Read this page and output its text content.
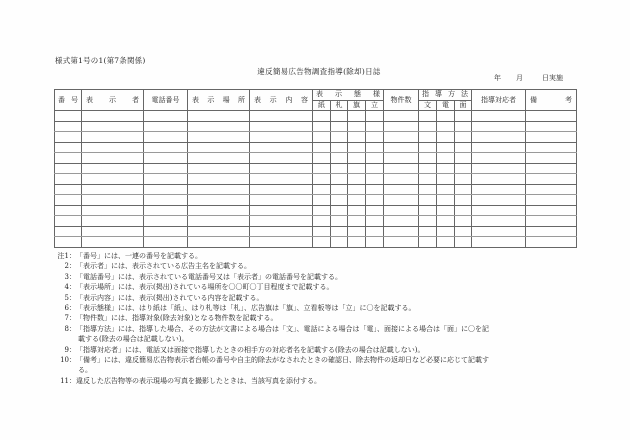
様式第1号の1(第7条関係)
違反簡易広告物調査指導(除却)日誌
年 月	日実施
番 号	表 示 者	電話番号	表 示 場 所	表 示 内 容	表 示 態 様				物件数	指 導 方 法			指導対応者	備 考

					紙	札	旗	立		文	電	面		

注1：「番号」には、一連の番号を記載する。
2：「表示者」には、表示されている広告主名を記載する。
3：「電話番号」には、表示されている電話番号又は「表示者」の電話番号を記載する。
4：「表示場所」には、表示(掲出)されている場所を〇〇町〇丁目程度まで記載する。
5：「表示内容」には、表示(掲出)されている内容を記載する。
6：「表示態様」には、はり紙は「紙」、はり札等は「札」、広告旗は「旗」、立看板等は「立」に〇を記載する。
7：「物件数」には、指導対象(除去対象)となる物件数を記載する。
8：「指導方法」には、指導した場合、その方法が文書による場合は「文」、電話による場合は「電」、面接による場合は「面」に〇を記
載する(除去の場合は記載しない)。
9：「指導対応者」には、電話又は面接で指導したときの相手方の対応者名を記載する(除去の場合は記載しない)。
10：「備考」には、違反簡易広告物表示者台帳の番号や自主的除去がなされたときの確認日、除去物件の返却日など必要に応じて記載す
る。
11：違反した広告物等の表示現場の写真を撮影したときは、当該写真を添付する。
